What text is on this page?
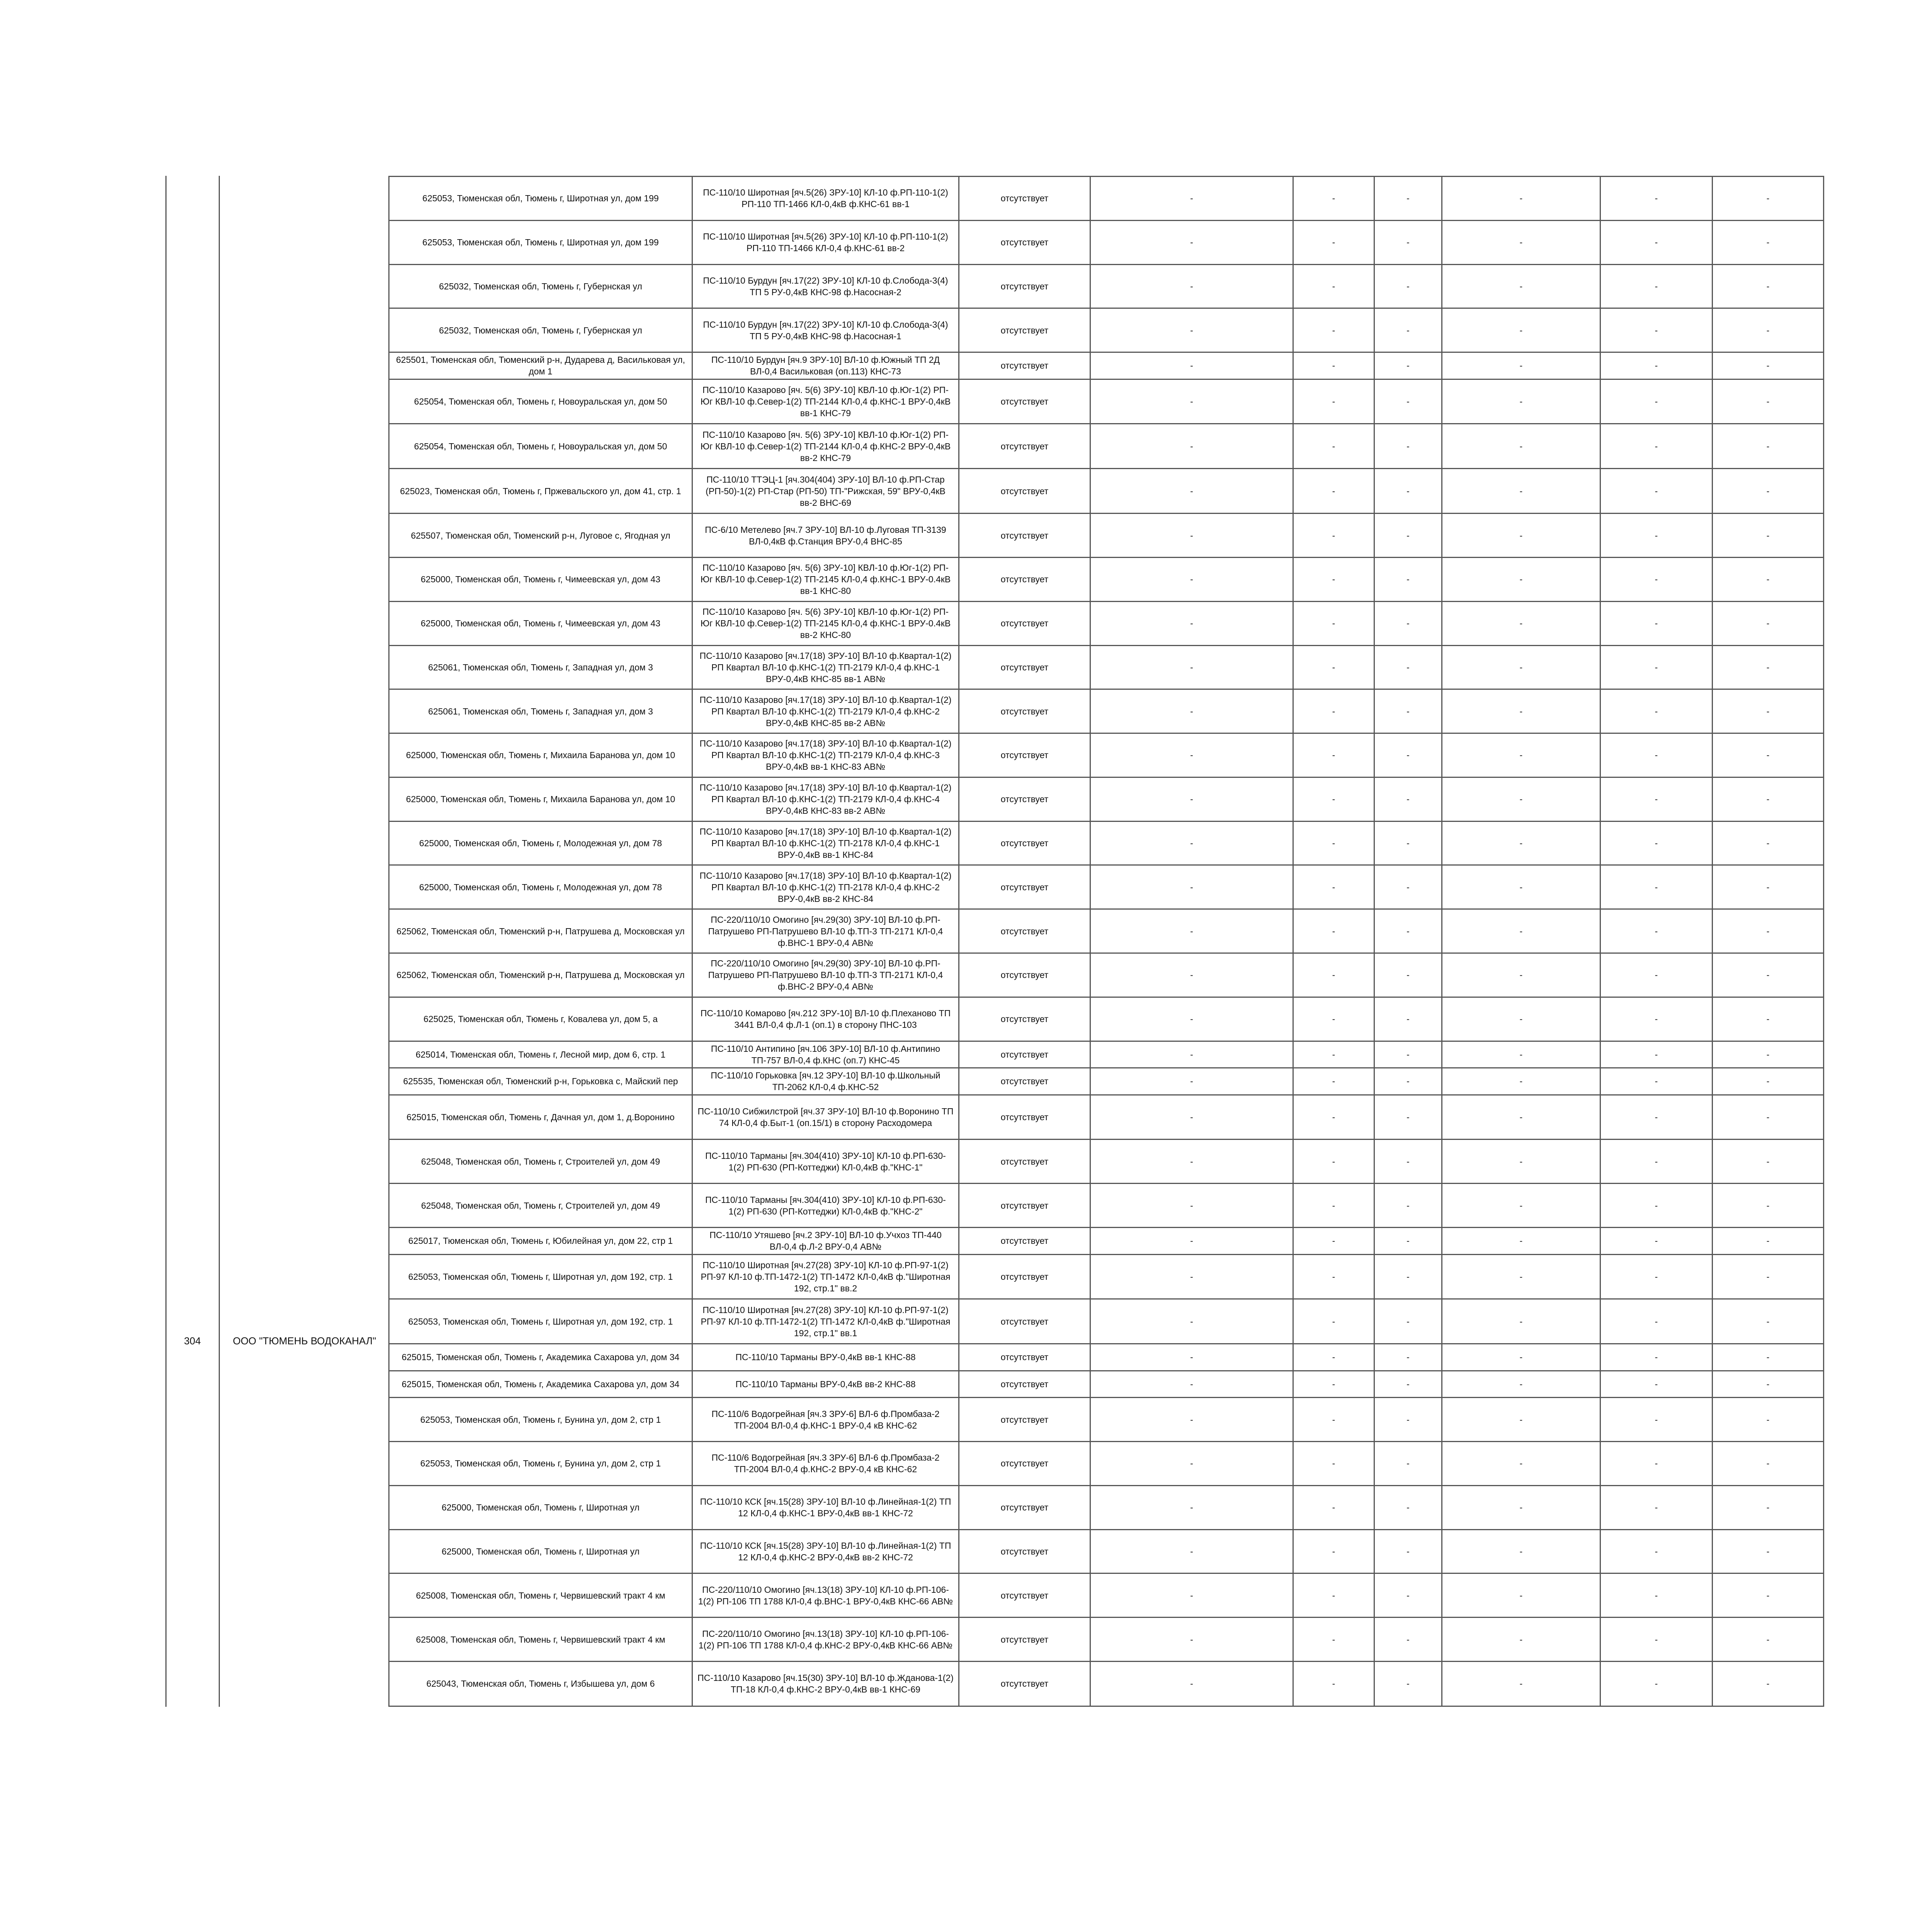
304	ООО "ТЮМЕНЬ ВОДОКАНАЛ"
625053, Тюменская обл, Тюмень г, Широтная ул, дом 199	ПС-110/10 Широтная [яч.5(26) ЗРУ-10] КЛ-10 ф.РП-110-1(2) РП-110 ТП-1466 КЛ-0,4кВ ф.КНС-61 вв-1	отсутствует	-	-	-	-	-	-
625053, Тюменская обл, Тюмень г, Широтная ул, дом 199	ПС-110/10 Широтная [яч.5(26) ЗРУ-10] КЛ-10 ф.РП-110-1(2) РП-110 ТП-1466 КЛ-0,4 ф.КНС-61 вв-2	отсутствует	-	-	-	-	-	-
625032, Тюменская обл, Тюмень г, Губернская ул	ПС-110/10 Бурдун [яч.17(22) ЗРУ-10] КЛ-10 ф.Слобода-3(4) ТП 5 РУ-0,4кВ КНС-98 ф.Насосная-2	отсутствует	-	-	-	-	-	-
625032, Тюменская обл, Тюмень г, Губернская ул	ПС-110/10 Бурдун [яч.17(22) ЗРУ-10] КЛ-10 ф.Слобода-3(4) ТП 5 РУ-0,4кВ КНС-98 ф.Насосная-1	отсутствует	-	-	-	-	-	-
625501, Тюменская обл, Тюменский р-н, Дударева д, Васильковая ул, дом 1	ПС-110/10 Бурдун [яч.9 ЗРУ-10] ВЛ-10 ф.Южный ТП 2Д ВЛ-0,4 Васильковая (оп.113) КНС-73	отсутствует	-	-	-	-	-	-
625054, Тюменская обл, Тюмень г, Новоуральская ул, дом 50	ПС-110/10 Казарово [яч. 5(6) ЗРУ-10] КВЛ-10 ф.Юг-1(2) РП-Юг КВЛ-10 ф.Север-1(2) ТП-2144 КЛ-0,4 ф.КНС-1 ВРУ-0,4кВ вв-1 КНС-79	отсутствует	-	-	-	-	-	-
625054, Тюменская обл, Тюмень г, Новоуральская ул, дом 50	ПС-110/10 Казарово [яч. 5(6) ЗРУ-10] КВЛ-10 ф.Юг-1(2) РП-Юг КВЛ-10 ф.Север-1(2) ТП-2144 КЛ-0,4 ф.КНС-2 ВРУ-0,4кВ вв-2 КНС-79	отсутствует	-	-	-	-	-	-
625023, Тюменская обл, Тюмень г, Пржевальского ул, дом 41, стр. 1	ПС-110/10 ТТЭЦ-1 [яч.304(404) ЗРУ-10] ВЛ-10 ф.РП-Стар (РП-50)-1(2) РП-Стар (РП-50) ТП-"Рижская, 59" ВРУ-0,4кВ вв-2 ВНС-69	отсутствует	-	-	-	-	-	-
625507, Тюменская обл, Тюменский р-н, Луговое с, Ягодная ул	ПС-6/10 Метелево [яч.7 ЗРУ-10] ВЛ-10 ф.Луговая ТП-3139 ВЛ-0,4кВ ф.Станция ВРУ-0,4 ВНС-85	отсутствует	-	-	-	-	-	-
625000, Тюменская обл, Тюмень г, Чимеевская ул, дом 43	ПС-110/10 Казарово [яч. 5(6) ЗРУ-10] КВЛ-10 ф.Юг-1(2) РП-Юг КВЛ-10 ф.Север-1(2) ТП-2145 КЛ-0,4 ф.КНС-1 ВРУ-0.4кВ вв-1 КНС-80	отсутствует	-	-	-	-	-	-
625000, Тюменская обл, Тюмень г, Чимеевская ул, дом 43	ПС-110/10 Казарово [яч. 5(6) ЗРУ-10] КВЛ-10 ф.Юг-1(2) РП-Юг КВЛ-10 ф.Север-1(2) ТП-2145 КЛ-0,4 ф.КНС-1 ВРУ-0.4кВ вв-2 КНС-80	отсутствует	-	-	-	-	-	-
625061, Тюменская обл, Тюмень г, Западная ул, дом 3	ПС-110/10 Казарово [яч.17(18) ЗРУ-10] ВЛ-10 ф.Квартал-1(2) РП Квартал ВЛ-10 ф.КНС-1(2) ТП-2179 КЛ-0,4 ф.КНС-1 ВРУ-0,4кВ КНС-85 вв-1 АВ№	отсутствует	-	-	-	-	-	-
625061, Тюменская обл, Тюмень г, Западная ул, дом 3	ПС-110/10 Казарово [яч.17(18) ЗРУ-10] ВЛ-10 ф.Квартал-1(2) РП Квартал ВЛ-10 ф.КНС-1(2) ТП-2179 КЛ-0,4 ф.КНС-2 ВРУ-0,4кВ КНС-85 вв-2 АВ№	отсутствует	-	-	-	-	-	-
625000, Тюменская обл, Тюмень г, Михаила Баранова ул, дом 10	ПС-110/10 Казарово [яч.17(18) ЗРУ-10] ВЛ-10 ф.Квартал-1(2) РП Квартал ВЛ-10 ф.КНС-1(2) ТП-2179 КЛ-0,4 ф.КНС-3 ВРУ-0,4кВ вв-1 КНС-83 АВ№	отсутствует	-	-	-	-	-	-
625000, Тюменская обл, Тюмень г, Михаила Баранова ул, дом 10	ПС-110/10 Казарово [яч.17(18) ЗРУ-10] ВЛ-10 ф.Квартал-1(2) РП Квартал ВЛ-10 ф.КНС-1(2) ТП-2179 КЛ-0,4 ф.КНС-4 ВРУ-0,4кВ КНС-83 вв-2 АВ№	отсутствует	-	-	-	-	-	-
625000, Тюменская обл, Тюмень г, Молодежная ул, дом 78	ПС-110/10 Казарово [яч.17(18) ЗРУ-10] ВЛ-10 ф.Квартал-1(2) РП Квартал ВЛ-10 ф.КНС-1(2) ТП-2178 КЛ-0,4 ф.КНС-1 ВРУ-0,4кВ вв-1 КНС-84	отсутствует	-	-	-	-	-	-
625000, Тюменская обл, Тюмень г, Молодежная ул, дом 78	ПС-110/10 Казарово [яч.17(18) ЗРУ-10] ВЛ-10 ф.Квартал-1(2) РП Квартал ВЛ-10 ф.КНС-1(2) ТП-2178 КЛ-0,4 ф.КНС-2 ВРУ-0,4кВ вв-2 КНС-84	отсутствует	-	-	-	-	-	-
625062, Тюменская обл, Тюменский р-н, Патрушева д, Московская ул	ПС-220/110/10 Омогино [яч.29(30) ЗРУ-10] ВЛ-10 ф.РП-Патрушево РП-Патрушево ВЛ-10 ф.ТП-3 ТП-2171 КЛ-0,4 ф.ВНС-1 ВРУ-0,4 АВ№	отсутствует	-	-	-	-	-	-
625062, Тюменская обл, Тюменский р-н, Патрушева д, Московская ул	ПС-220/110/10 Омогино [яч.29(30) ЗРУ-10] ВЛ-10 ф.РП-Патрушево РП-Патрушево ВЛ-10 ф.ТП-3 ТП-2171 КЛ-0,4 ф.ВНС-2 ВРУ-0,4 АВ№	отсутствует	-	-	-	-	-	-
625025, Тюменская обл, Тюмень г, Ковалева ул, дом 5, а	ПС-110/10 Комарово [яч.212 ЗРУ-10] ВЛ-10 ф.Плеханово ТП 3441 ВЛ-0,4 ф.Л-1 (оп.1) в сторону ПНС-103	отсутствует	-	-	-	-	-	-
625014, Тюменская обл, Тюмень г, Лесной мир, дом 6, стр. 1	ПС-110/10 Антипино [яч.106 ЗРУ-10] ВЛ-10 ф.Антипино ТП-757 ВЛ-0,4 ф.КНС (оп.7) КНС-45	отсутствует	-	-	-	-	-	-
625535, Тюменская обл, Тюменский р-н, Горьковка с, Майский пер	ПС-110/10 Горьковка [яч.12 ЗРУ-10] ВЛ-10 ф.Школьный ТП-2062 КЛ-0,4 ф.КНС-52	отсутствует	-	-	-	-	-	-
625015, Тюменская обл, Тюмень г, Дачная ул, дом 1, д.Воронино	ПС-110/10 Сибжилстрой [яч.37 ЗРУ-10] ВЛ-10 ф.Воронино ТП 74 КЛ-0,4 ф.Быт-1 (оп.15/1) в сторону Расходомера	отсутствует	-	-	-	-	-	-
625048, Тюменская обл, Тюмень г, Строителей ул, дом 49	ПС-110/10 Тарманы [яч.304(410) ЗРУ-10] КЛ-10 ф.РП-630-1(2) РП-630 (РП-Коттеджи) КЛ-0,4кВ ф."КНС-1"	отсутствует	-	-	-	-	-	-
625048, Тюменская обл, Тюмень г, Строителей ул, дом 49	ПС-110/10 Тарманы [яч.304(410) ЗРУ-10] КЛ-10 ф.РП-630-1(2) РП-630 (РП-Коттеджи) КЛ-0,4кВ ф."КНС-2"	отсутствует	-	-	-	-	-	-
625017, Тюменская обл, Тюмень г, Юбилейная ул, дом 22, стр 1	ПС-110/10 Утяшево [яч.2 ЗРУ-10] ВЛ-10 ф.Учхоз ТП-440 ВЛ-0,4 ф.Л-2 ВРУ-0,4 АВ№	отсутствует	-	-	-	-	-	-
625053, Тюменская обл, Тюмень г, Широтная ул, дом 192, стр. 1	ПС-110/10 Широтная [яч.27(28) ЗРУ-10] КЛ-10 ф.РП-97-1(2) РП-97 КЛ-10 ф.ТП-1472-1(2) ТП-1472 КЛ-0,4кВ ф."Широтная 192, стр.1" вв.2	отсутствует	-	-	-	-	-	-
625053, Тюменская обл, Тюмень г, Широтная ул, дом 192, стр. 1	ПС-110/10 Широтная [яч.27(28) ЗРУ-10] КЛ-10 ф.РП-97-1(2) РП-97 КЛ-10 ф.ТП-1472-1(2) ТП-1472 КЛ-0,4кВ ф."Широтная 192, стр.1" вв.1	отсутствует	-	-	-	-	-	-
625015, Тюменская обл, Тюмень г, Академика Сахарова ул, дом 34	ПС-110/10 Тарманы ВРУ-0,4кВ вв-1 КНС-88	отсутствует	-	-	-	-	-	-
625015, Тюменская обл, Тюмень г, Академика Сахарова ул, дом 34	ПС-110/10 Тарманы ВРУ-0,4кВ вв-2 КНС-88	отсутствует	-	-	-	-	-	-
625053, Тюменская обл, Тюмень г, Бунина ул, дом 2, стр 1	ПС-110/6 Водогрейная [яч.3 ЗРУ-6] ВЛ-6 ф.Промбаза-2 ТП-2004 ВЛ-0,4 ф.КНС-1 ВРУ-0,4 кВ КНС-62	отсутствует	-	-	-	-	-	-
625053, Тюменская обл, Тюмень г, Бунина ул, дом 2, стр 1	ПС-110/6 Водогрейная [яч.3 ЗРУ-6] ВЛ-6 ф.Промбаза-2 ТП-2004 ВЛ-0,4 ф.КНС-2 ВРУ-0,4 кВ КНС-62	отсутствует	-	-	-	-	-	-
625000, Тюменская обл, Тюмень г, Широтная ул	ПС-110/10 КСК [яч.15(28) ЗРУ-10] ВЛ-10 ф.Линейная-1(2) ТП 12 КЛ-0,4 ф.КНС-1 ВРУ-0,4кВ вв-1 КНС-72	отсутствует	-	-	-	-	-	-
625000, Тюменская обл, Тюмень г, Широтная ул	ПС-110/10 КСК [яч.15(28) ЗРУ-10] ВЛ-10 ф.Линейная-1(2) ТП 12 КЛ-0,4 ф.КНС-2 ВРУ-0,4кВ вв-2 КНС-72	отсутствует	-	-	-	-	-	-
625008, Тюменская обл, Тюмень г, Червишевский тракт 4 км	ПС-220/110/10 Омогино [яч.13(18) ЗРУ-10] КЛ-10 ф.РП-106-1(2) РП-106 ТП 1788 КЛ-0,4 ф.ВНС-1 ВРУ-0,4кВ КНС-66 АВ№	отсутствует	-	-	-	-	-	-
625008, Тюменская обл, Тюмень г, Червишевский тракт 4 км	ПС-220/110/10 Омогино [яч.13(18) ЗРУ-10] КЛ-10 ф.РП-106-1(2) РП-106 ТП 1788 КЛ-0,4 ф.КНС-2 ВРУ-0,4кВ КНС-66 АВ№	отсутствует	-	-	-	-	-	-
625043, Тюменская обл, Тюмень г, Избышева ул, дом 6	ПС-110/10 Казарово [яч.15(30) ЗРУ-10] ВЛ-10 ф.Жданова-1(2) ТП-18 КЛ-0,4 ф.КНС-2 ВРУ-0,4кВ вв-1 КНС-69	отсутствует	-	-	-	-	-	-
